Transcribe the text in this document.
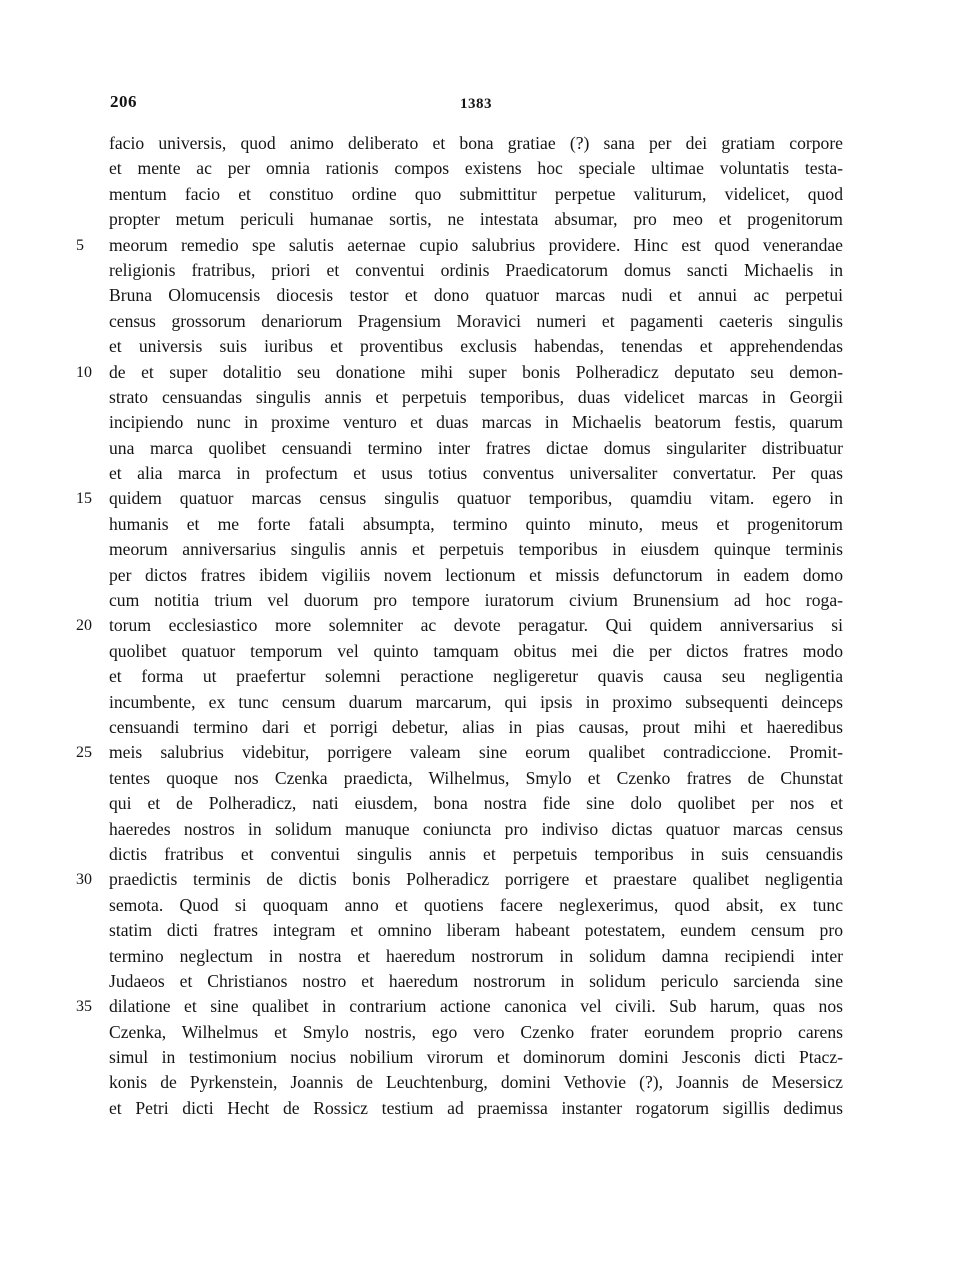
206	1383
facio universis, quod animo deliberato et bona gratiae (?) sana per dei gratiam corpore
et mente ac per omnia rationis compos existens hoc speciale ultimae voluntatis testa-
mentum facio et constituo ordine quo submittitur perpetue valiturum, videlicet, quod
propter metum periculi humanae sortis, ne intestata absumar, pro meo et progenitorum
5	meorum remedio spe salutis aeternae cupio salubrius providere. Hinc est quod venerandae
religionis fratribus, priori et conventui ordinis Praedicatorum domus sancti Michaelis in
Bruna Olomucensis diocesis testor et dono quatuor marcas nudi et annui ac perpetui
census grossorum denariorum Pragensium Moravici numeri et pagamenti caeteris singulis
et universis suis iuribus et proventibus exclusis habendas, tenendas et apprehendendas
10 de et super dotalitio seu donatione mihi super bonis Polheradicz deputato seu demon-
strato censuandas singulis annis et perpetuis temporibus, duas videlicet marcas in Georgii
incipiendo nunc in proxime venturo et duas marcas in Michaelis beatorum festis, quarum
una marca quolibet censuandi termino inter fratres dictae domus singulariter distribuatur
et alia marca in profectum et usus totius conventus universaliter convertatur. Per quas
15 quidem quatuor marcas census singulis quatuor temporibus, quamdiu vitam. egero in
humanis et me forte fatali absumpta, termino quinto minuto, meus et progenitorum
meorum anniversarius singulis annis et perpetuis temporibus in eiusdem quinque terminis
per dictos fratres ibidem vigiliis novem lectionum et missis defunctorum in eadem domo
cum notitia trium vel duorum pro tempore iuratorum civium Brunensium ad hoc roga-
20 torum ecclesiastico more solemniter ac devote peragatur. Qui quidem anniversarius si
quolibet quatuor temporum vel quinto tamquam obitus mei die per dictos fratres modo
et forma ut praefertur solemni peractione negligeretur quavis causa seu negligentia
incumbente, ex tunc censum duarum marcarum, qui ipsis in proximo subsequenti deinceps
censuandi termino dari et porrigi debetur, alias in pias causas, prout mihi et haeredibus
25 meis salubrius videbitur, porrigere valeam sine eorum qualibet contradiccione. Promit-
tentes quoque nos Czenka praedicta, Wilhelmus, Smylo et Czenko fratres de Chunstat
qui et de Polheradicz, nati eiusdem, bona nostra fide sine dolo quolibet per nos et
haeredes nostros in solidum manuque coniuncta pro indiviso dictas quatuor marcas census
dictis fratribus et conventui singulis annis et perpetuis temporibus in suis censuandis
30 praedictis terminis de dictis bonis Polheradicz porrigere et praestare qualibet negligentia
semota. Quod si quoquam anno et quotiens facere neglexerimus, quod absit, ex tunc
statim dicti fratres integram et omnino liberam habeant potestatem, eundem censum pro
termino neglectum in nostra et haeredum nostrorum in solidum damna recipiendi inter
Judaeos et Christianos nostro et haeredum nostrorum in solidum periculo sarcienda sine
35 dilatione et sine qualibet in contrarium actione canonica vel civili. Sub harum, quas nos
Czenka, Wilhelmus et Smylo nostris, ego vero Czenko frater eorundem proprio carens
simul in testimonium nocius nobilium virorum et dominorum domini Jesconis dicti Ptacz-
konis de Pyrkenstein, Joannis de Leuchtenburg, domini Vethovie (?), Joannis de Mesersicz
et Petri dicti Hecht de Rossicz testium ad praemissa instanter rogatorum sigillis dedimus
